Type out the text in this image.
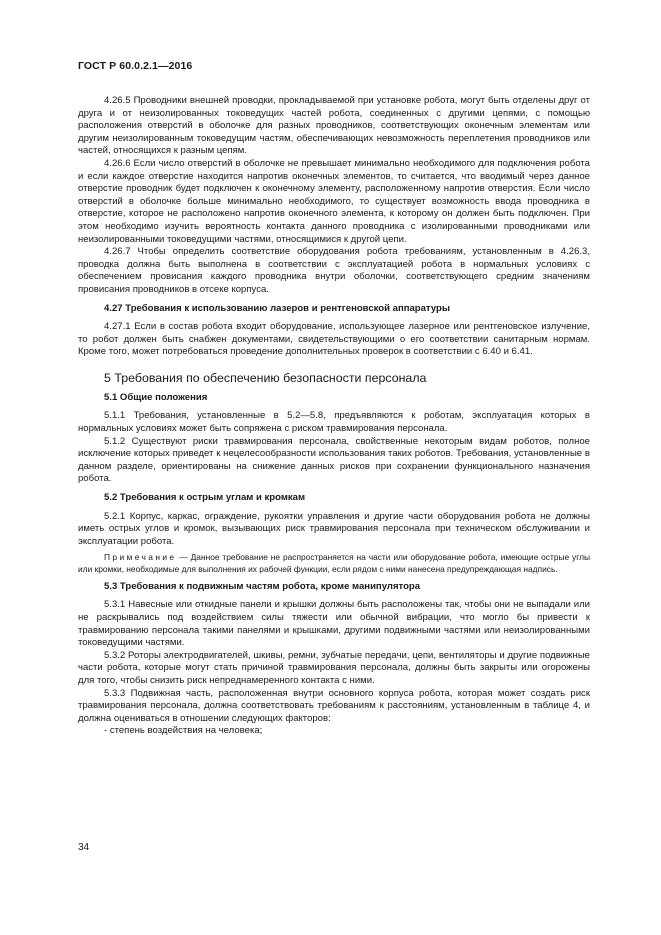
ГОСТ Р 60.0.2.1—2016

4.26.5 Проводники внешней проводки, прокладываемой при установке робота, могут быть отделены друг от друга и от неизолированных токоведущих частей робота, соединенных с другими цепями, с помощью расположения отверстий в оболочке для разных проводников, соответствующих оконечным элементам или другим неизолированным токоведущим частям, обеспечивающих невозможность переплетения проводников или частей, относящихся к разным цепям.

4.26.6 Если число отверстий в оболочке не превышает минимально необходимого для подключения робота и если каждое отверстие находится напротив оконечных элементов, то считается, что вводимый через данное отверстие проводник будет подключен к оконечному элементу, расположенному напротив отверстия. Если число отверстий в оболочке больше минимально необходимого, то существует возможность ввода проводника в отверстие, которое не расположено напротив оконечного элемента, к которому он должен быть подключен. При этом необходимо изучить вероятность контакта данного проводника с изолированными проводниками или неизолированными токоведущими частями, относящимися к другой цепи.

4.26.7 Чтобы определить соответствие оборудования робота требованиям, установленным в 4.26.3, проводка должна быть выполнена в соответствии с эксплуатацией робота в нормальных условиях с обеспечением провисания каждого проводника внутри оболочки, соответствующего средним значениям провисания проводников в отсеке корпуса.

4.27 Требования к использованию лазеров и рентгеновской аппаратуры

4.27.1 Если в состав робота входит оборудование, использующее лазерное или рентгеновское излучение, то робот должен быть снабжен документами, свидетельствующими о его соответствии санитарным нормам. Кроме того, может потребоваться проведение дополнительных проверок в соответствии с 6.40 и 6.41.

5 Требования по обеспечению безопасности персонала

5.1 Общие положения

5.1.1 Требования, установленные в 5.2—5.8, предъявляются к роботам, эксплуатация которых в нормальных условиях может быть сопряжена с риском травмирования персонала.

5.1.2 Существуют риски травмирования персонала, свойственные некоторым видам роботов, полное исключение которых приведет к нецелесообразности использования таких роботов. Требования, установленные в данном разделе, ориентированы на снижение данных рисков при сохранении функционального назначения робота.

5.2 Требования к острым углам и кромкам

5.2.1 Корпус, каркас, ограждение, рукоятки управления и другие части оборудования робота не должны иметь острых углов и кромок, вызывающих риск травмирования персонала при техническом обслуживании и эксплуатации робота.

Примечание — Данное требование не распространяется на части или оборудование робота, имеющие острые углы или кромки, необходимые для выполнения их рабочей функции, если рядом с ними нанесена предупреждающая надпись.

5.3 Требования к подвижным частям робота, кроме манипулятора

5.3.1 Навесные или откидные панели и крышки должны быть расположены так, чтобы они не выпадали или не раскрывались под воздействием силы тяжести или обычной вибрации, что могло бы привести к травмированию персонала такими панелями и крышками, другими подвижными частями или неизолированными токоведущими частями.

5.3.2 Роторы электродвигателей, шкивы, ремни, зубчатые передачи, цепи, вентиляторы и другие подвижные части робота, которые могут стать причиной травмирования персонала, должны быть закрыты или огорожены для того, чтобы снизить риск непреднамеренного контакта с ними.

5.3.3 Подвижная часть, расположенная внутри основного корпуса робота, которая может создать риск травмирования персонала, должна соответствовать требованиям к расстояниям, установленным в таблице 4, и должна оцениваться в отношении следующих факторов:

- степень воздействия на человека;

34
